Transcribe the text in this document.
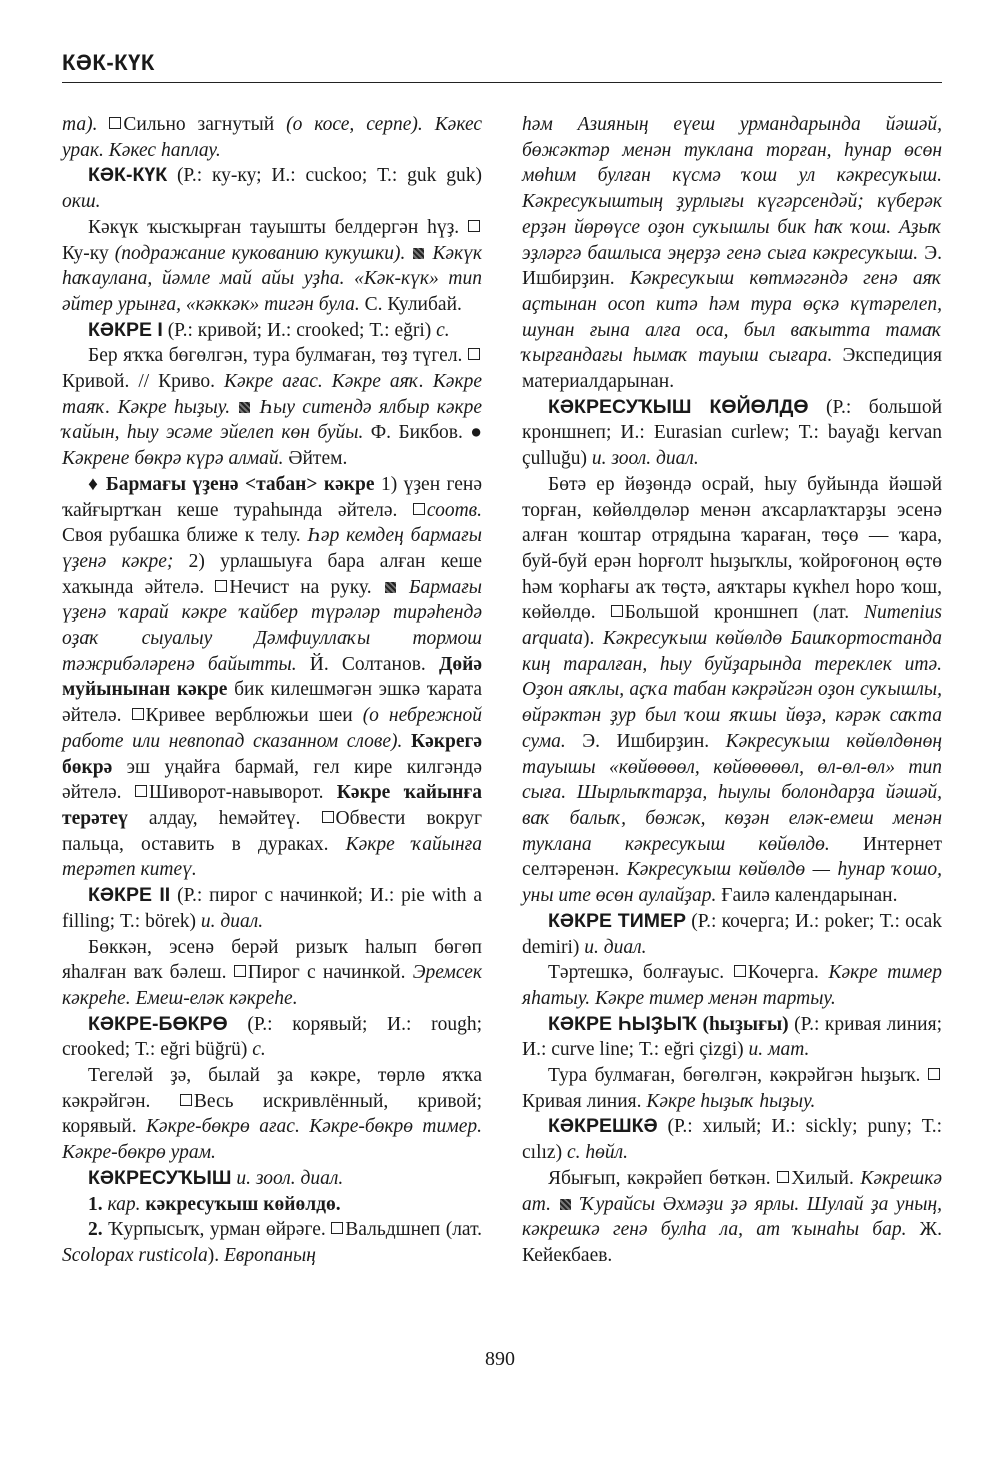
КӘК-КҮК

та). Сильно загнутый (о косе, серпе). Кәкес урак. Кәкес һаплау.

КӘК-КҮК (Р.: ку-ку; И.: cuckoo; Т.: guk guk) окш.

Кәкүк ҡысҡырған тауышты белдергән һүҙ. Ку-ку (подражание кукованию кукушки). Кәкүк һаҡаулана, йәмле май айы уҙһа. «Кәк-күк» тип әйтер урынға, «кәккәк» тигән була. С. Кулибай.

КӘКРЕ I (Р.: кривой; И.: crooked; Т.: eğri) с.

Бер яҡҡа бөгөлгән, тура булмаған, төҙ түгел. Кривой. // Криво. Кәкре ағас. Кәкре аяҡ. Кәкре таяҡ. Кәкре һыҙыу. Һыу ситендә ялбыр кәкре ҡайын, һыу эсәме эйелеп көн буйы. Ф. Бикбов. ● Кәкрене бөкрә күрә алмай. Әйтем.

♦ Бармағы үҙенә <табан> кәкре 1) үҙен генә ҡайғыртҡан кеше тураһында әйтелә. соотв. Своя рубашка ближе к телу. Һәр кемдең бармағы үҙенә кәкре; 2) урлашыуға бара алған кеше хаҡында әйтелә. Нечист на руку. Бармағы үҙенә ҡарай кәкре ҡайбер түрәләр тирәһендә оҙаҡ сыуалыу Дәмфиуллаҡы тормош тәжрибәләренә байытты. Й. Солтанов. Дөйә муйынынан кәкре бик килешмәгән эшкә ҡарата әйтелә. Кривее верблюжьи шеи (о небрежной работе или невпопад сказанном слове). Кәкрегә бөкрә эш уңайға бармай, гел кире килгәндә әйтелә. Шиворот-навыворот. Кәкре ҡайынға терәтеү алдау, һемәйтеү. Обвести вокруг пальца, оставить в дураках. Кәкре ҡайынға терәтеп китеү.

КӘКРЕ II (Р.: пирог с начинкой; И.: pie with a filling; Т.: börek) и. диал.

Бөккән, эсенә берәй ризыҡ һалып бөгөп яһалған ваҡ бәлеш. Пирог с начинкой. Эремсек кәкреһе. Емеш-еләк кәкреһе.

КӘКРЕ-БӨКРӨ (Р.: корявый; И.: rough; crooked; Т.: eğri büğrü) с.

Тегеләй ҙә, былай ҙа кәкре, төрлө яҡҡа кәкрәйгән. Весь искривлённый, кривой; корявый. Кәкре-бөкрө ағас. Кәкре-бөкрө тимер. Кәкре-бөкрө урам.

КӘКРЕСУҠЫШ и. зоол. диал.

1. кар. кәкресуҡыш көйөлдө.

2. Ҡурпысыҡ, урман өйрәге. Вальдшнеп (лат. Scolopax rusticola). Европаның

һәм Азияның еүеш урмандарында йәшәй, бөжәктәр менән туклана торған, һунар өсөн мөһим булған күсмә ҡош ул кәкресуҡыш. Кәкресуҡыштың ҙурлығы күгәрсендәй; күберәк ерҙән йөрөүсе оҙон суҡышлы бик һаҡ ҡош. Аҙыҡ эҙләргә башлыса эңерҙә генә сыға кәкресуҡыш. Э. Ишбирҙин. Кәкресуҡыш көтмәгәндә генә аяҡ аҫтынан осоп китә һәм тура өҫкә күтәрелеп, шунан ғына алға оса, был ваҡытта тамаҡ ҡырғандағы һымаҡ тауыш сығара. Экспедиция материалдарынан.

КӘКРЕСУҠЫШ КӨЙӨЛДӨ (Р.: большой кроншнеп; И.: Eurasian curlew; Т.: bayağı kervan çulluğu) и. зоол. диал.

Бөтә ер йөҙөндә осрай, һыу буйында йәшәй торған, көйөлдөләр менән аҡсарлаҡтарҙы эсенә алған ҡоштар отрядына ҡараған, төҫө — ҡара, буй-буй ерән һорғолт һыҙыҡлы, ҡойроғоноң өҫтө һәм ҡорһағы аҡ төҫтә, аяҡтары күкһел һоро ҡош, көйөлдө. Большой кроншнеп (лат. Numenius arquata). Кәкресуҡыш көйөлдө Башҡортостанда киң таралған, һыу буйҙарында тереклек итә. Оҙон аяҡлы, аҫҡа табан кәкрәйгән оҙон суҡышлы, өйрәктән ҙур был ҡош яҡшы йөҙә, кәрәк саҡта сума. Э. Ишбирҙин. Кәкресуҡыш көйөлдөнөң тауышы «көйөөөөл, көйөөөөөл, өл-өл-өл» тип сыға. Шырлыҡтарҙа, һыулы болондарҙа йәшәй, ваҡ балыҡ, бөжәк, көҙән еләк-емеш менән туклана кәкресуҡыш көйөлдө. Интернет селтәренән. Кәкресуҡыш көйөлдө — һунар ҡошо, уны ите өсөн аулайҙар. Ғаилә календарынан.

КӘКРЕ ТИМЕР (Р.: кочерга; И.: poker; Т.: ocak demiri) и. диал.

Тәртешкә, болғауыс. Кочерга. Кәкре тимер яһатыу. Кәкре тимер менән тартыу.

КӘКРЕ ҺЫҘЫҠ (һыҙығы) (Р.: кривая линия; И.: curve line; Т.: eğri çizgi) и. мат.

Тура булмаған, бөгөлгән, кәкрәйгән һыҙыҡ. Кривая линия. Кәкре һыҙыҡ һыҙыу.

КӘКРЕШКӘ (Р.: хилый; И.: sickly; puny; Т.: cılız) с. һөйл.

Ябығып, кәкрәйеп бөткән. Хилый. Кәкрешкә ат. Ҡурайсы Әхмәҙи ҙә ярлы. Шулай ҙа уның, кәкрешкә генә булһа ла, ат ҡынаһы бар. Ж. Кейекбаев.

890
